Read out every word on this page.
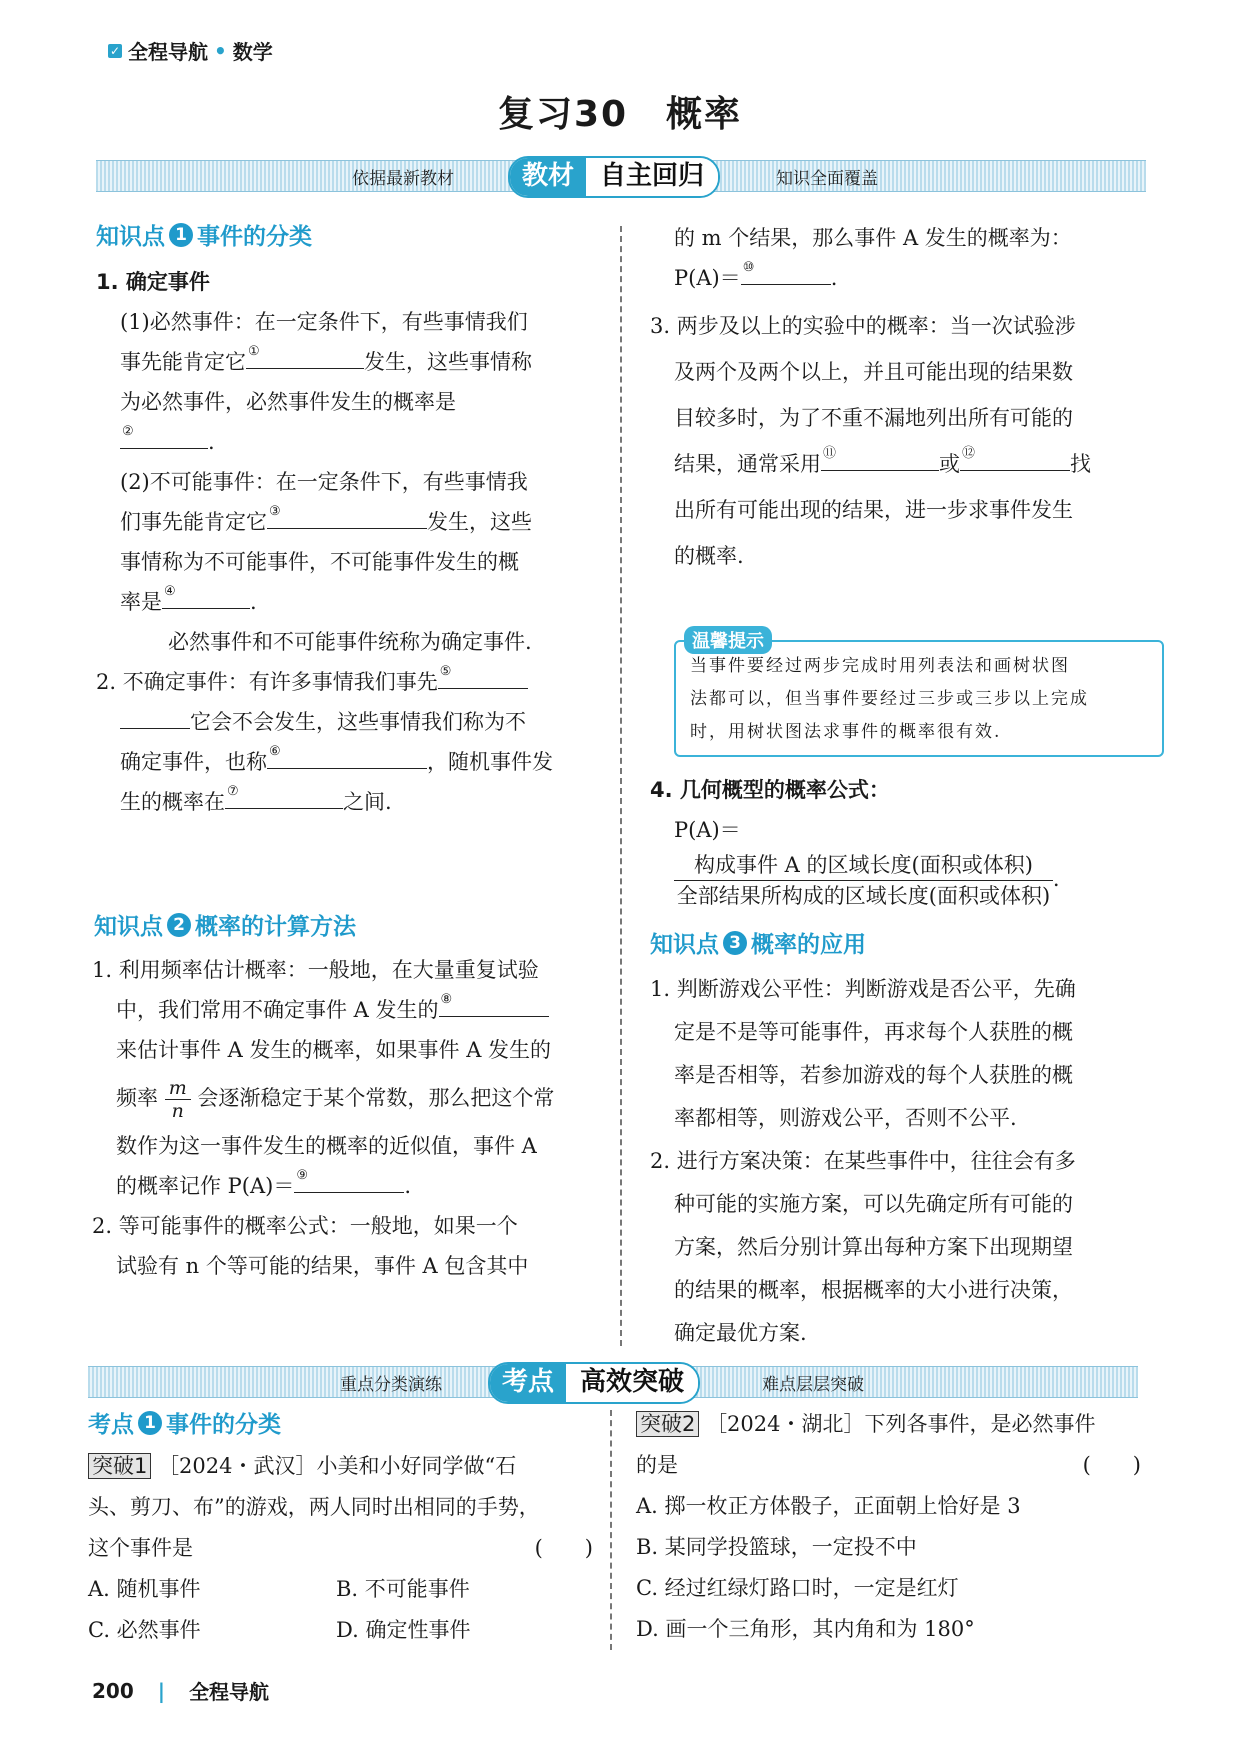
✓ 全程导航 • 数学
复习30　概率
依据最新教材	教材	自主回归	知识全面覆盖
知识点 1 事件的分类
1. 确定事件
(1)必然事件：在一定条件下，有些事情我们
事先能肯定它 ①	发生，这些事情称
为必然事件，必然事件发生的概率是
②	.
(2)不可能事件：在一定条件下，有些事情我
们事先能肯定它 ③	发生，这些
事情称为不可能事件，不可能事件发生的概
率是 ④	.
必然事件和不可能事件统称为确定事件.
2. 不确定事件：有许多事情我们事先 ⑤
它会不会发生，这些事情我们称为不
确定事件，也称 ⑥	，随机事件发
生的概率在 ⑦	之间.
知识点 2 概率的计算方法
1. 利用频率估计概率：一般地，在大量重复试验
中，我们常用不确定事件 A 发生的 ⑧
来估计事件 A 发生的概率，如果事件 A 发生的
频率 $\frac{m}{n}$ 会逐渐稳定于某个常数，那么把这个常
数作为这一事件发生的概率的近似值，事件 A
的概率记作 P(A)＝ ⑨	.
2. 等可能事件的概率公式：一般地，如果一个
试验有 n 个等可能的结果，事件 A 包含其中
的 m 个结果，那么事件 A 发生的概率为：
P(A)＝ ⑩	.
3. 两步及以上的实验中的概率：当一次试验涉
及两个及两个以上，并且可能出现的结果数
目较多时，为了不重不漏地列出所有可能的
结果，通常采用 ⑪	或 ⑫	找
出所有可能出现的结果，进一步求事件发生
的概率.
当事件要经过两步完成时用列表法和画树状图
法都可以，但当事件要经过三步或三步以上完成
时，用树状图法求事件的概率很有效.
温馨提示
4. 几何概型的概率公式：
P(A)＝
$\frac{\text{构成事件 A 的区域长度(面积或体积)}}{\text{全部结果所构成的区域长度(面积或体积)}}$.
知识点 3 概率的应用
1. 判断游戏公平性：判断游戏是否公平，先确
定是不是等可能事件，再求每个人获胜的概
率是否相等，若参加游戏的每个人获胜的概
率都相等，则游戏公平，否则不公平.
2. 进行方案决策：在某些事件中，往往会有多
种可能的实施方案，可以先确定所有可能的
方案，然后分别计算出每种方案下出现期望
的结果的概率，根据概率的大小进行决策，
确定最优方案.
重点分类演练	考点	高效突破	难点层层突破
考点 1 事件的分类
突破1 ［2024・武汉］小美和小好同学做“石
头、剪刀、布”的游戏，两人同时出相同的手势，
这个事件是	(　　)
A. 随机事件	B. 不可能事件
C. 必然事件	D. 确定性事件
突破2 ［2024・湖北］下列各事件，是必然事件
的是	(　　)
A. 掷一枚正方体骰子，正面朝上恰好是 3
B. 某同学投篮球，一定投不中
C. 经过红绿灯路口时，一定是红灯
D. 画一个三角形，其内角和为 180°
200 | 全程导航
